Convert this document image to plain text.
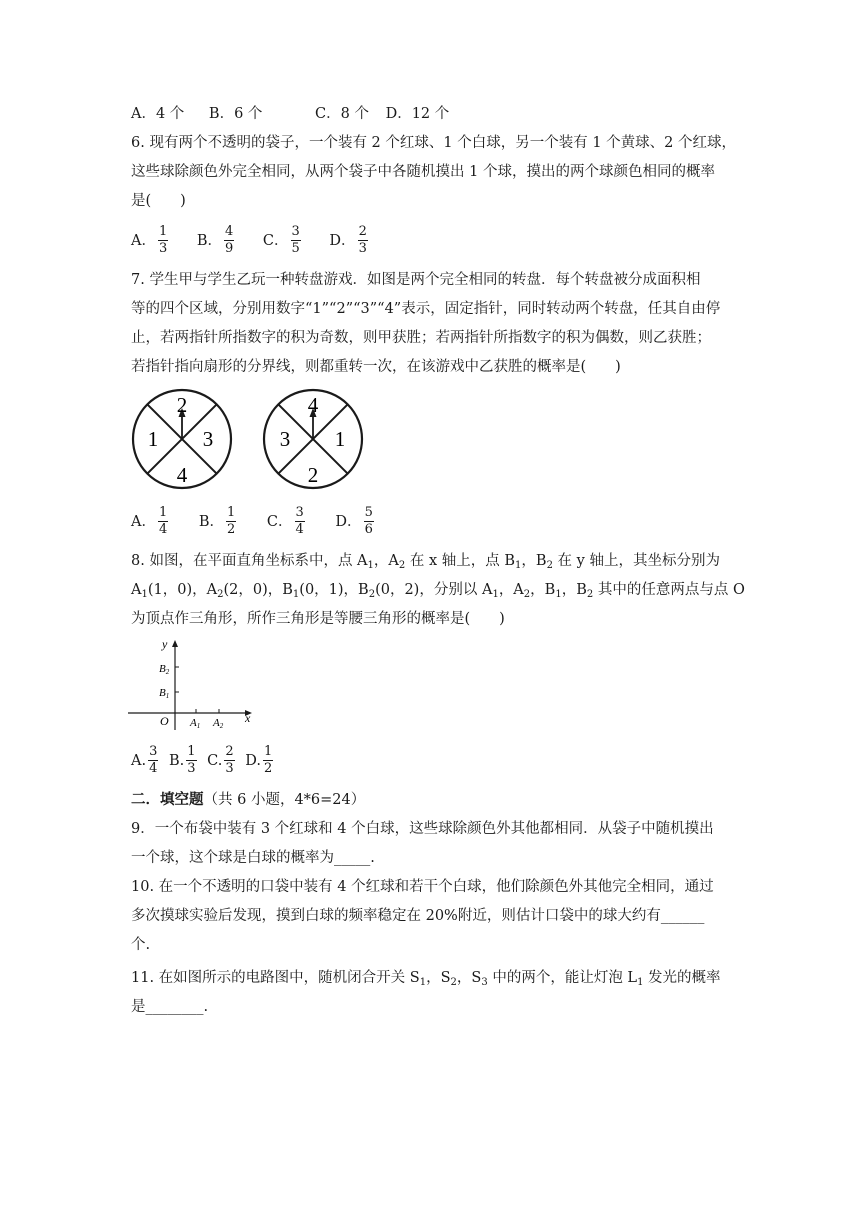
A．4 个 B．6 个	C．8 个 D．12 个
6. 现有两个不透明的袋子，一个装有 2 个红球、1 个白球，另一个装有 1 个黄球、2 个红球，
这些球除颜色外完全相同，从两个袋子中各随机摸出 1 个球，摸出的两个球颜色相同的概率
是(　　)
A． $\frac{1}{3}$ B． $\frac{4}{9}$ C． $\frac{3}{5}$ D． $\frac{2}{3}$
7. 学生甲与学生乙玩一种转盘游戏．如图是两个完全相同的转盘．每个转盘被分成面积相
等的四个区域，分别用数字“1”“2”“3”“4”表示，固定指针，同时转动两个转盘，任其自由停
止，若两指针所指数字的积为奇数，则甲获胜；若两指针所指数字的积为偶数，则乙获胜；
若指针指向扇形的分界线，则都重转一次，在该游戏中乙获胜的概率是(　　)
2
3
4
1
4
1
2
3
A． $\frac{1}{4}$ B． $\frac{1}{2}$ C． $\frac{3}{4}$ D． $\frac{5}{6}$
8. 如图，在平面直角坐标系中，点 $A_1$，$A_2$ 在 x 轴上，点 $B_1$，$B_2$ 在 y 轴上，其坐标分别为
$A_1(1$，0)，$A_2(2$，0)，$B_1(0$，1)，$B_2(0$，2)，分别以 $A_1$，$A_2$，$B_1$，$B_2$ 其中的任意两点与点 O
为顶点作三角形，所作三角形是等腰三角形的概率是(　　)
y
x
O
B2
B1
A1 A2
A. $\frac{3}{4} B$. $\frac{1}{3} C$. $\frac{2}{3} D$. $\frac{1}{2}$
二．填空题（共 6 小题，4*6=24）
9．一个布袋中装有 3 个红球和 4 个白球，这些球除颜色外其他都相同．从袋子中随机摸出
一个球，这个球是白球的概率为_____.
10. 在一个不透明的口袋中装有 4 个红球和若干个白球，他们除颜色外其他完全相同，通过
多次摸球实验后发现，摸到白球的频率稳定在 20%附近，则估计口袋中的球大约有______
个.
11. 在如图所示的电路图中，随机闭合开关 $S_1$，$S_2$，$S_3$ 中的两个，能让灯泡 $L_1$ 发光的概率
是________.
